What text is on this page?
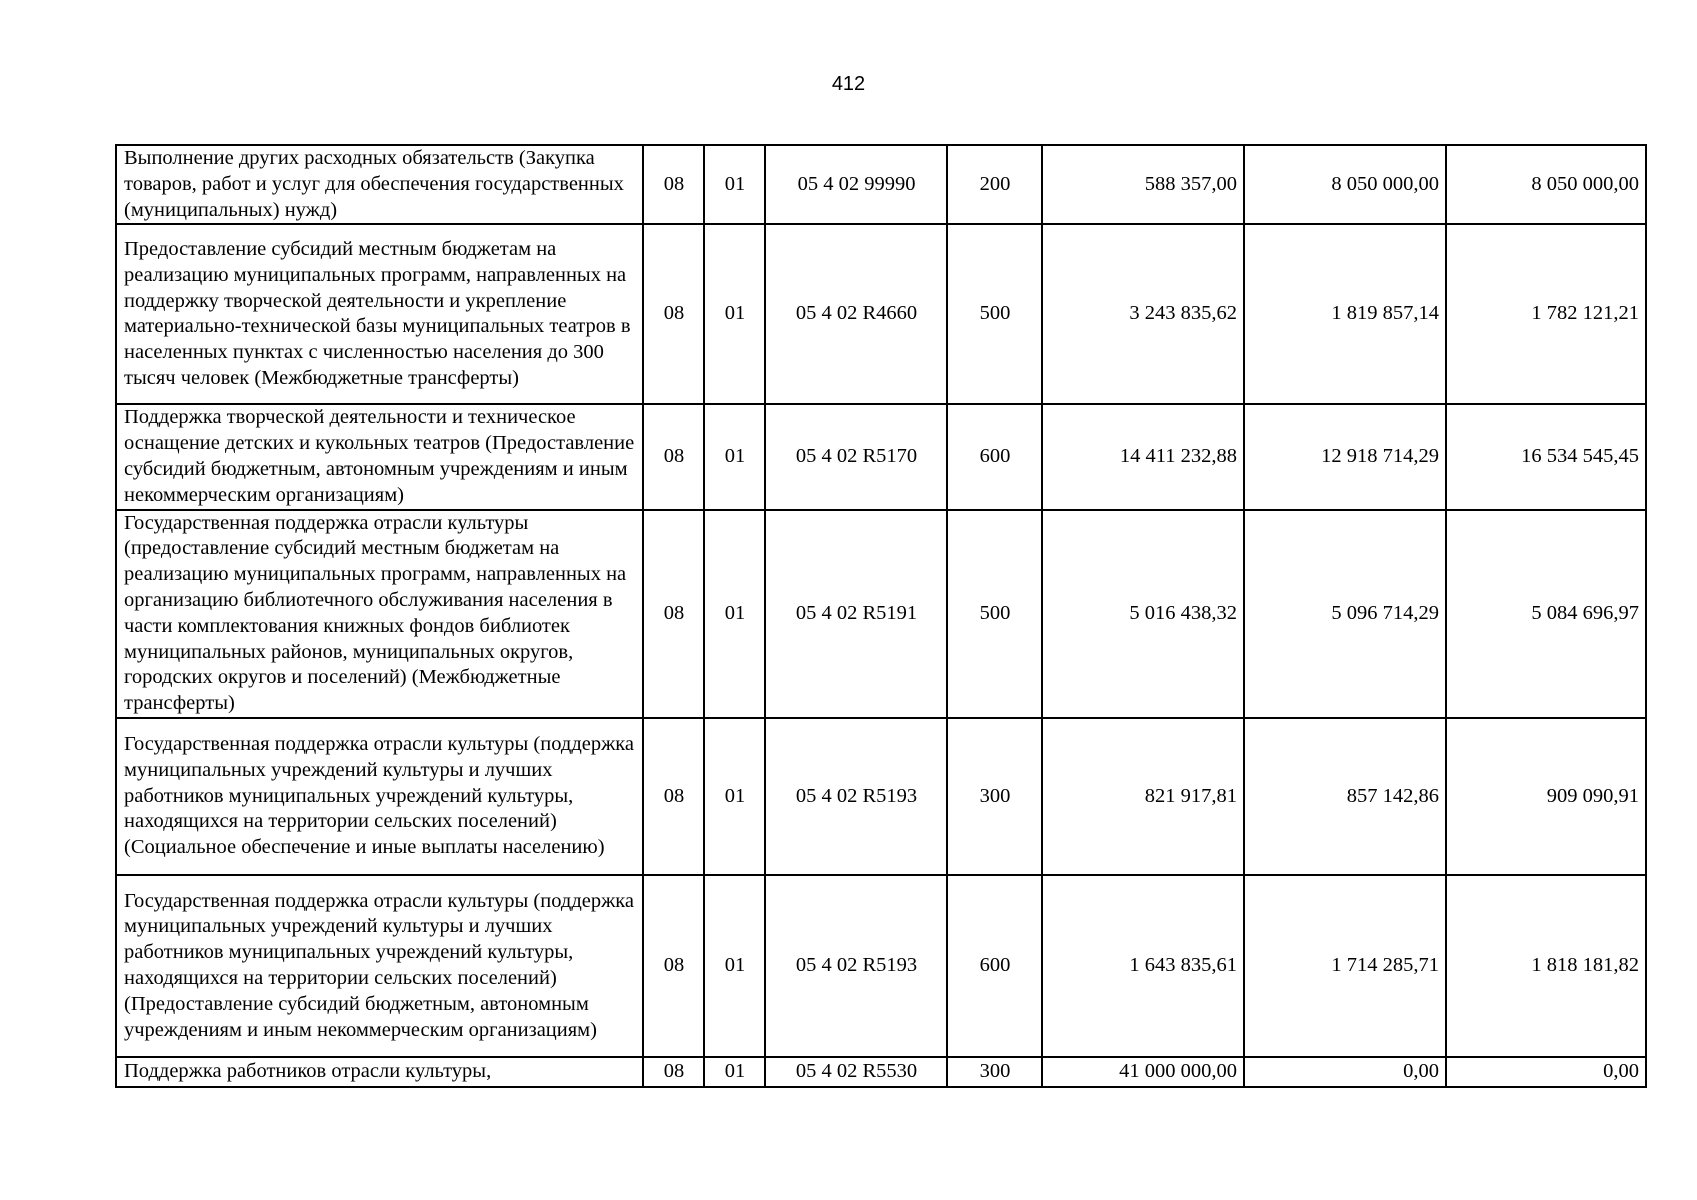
412
Выполнение других расходных обязательств (Закупка товаров, работ и услуг для обеспечения государственных (муниципальных) нужд)	08	01	05 4 02 99990	200	588 357,00	8 050 000,00	8 050 000,00
Предоставление субсидий местным бюджетам на реализацию муниципальных программ, направленных на поддержку творческой деятельности и укрепление материально-технической базы муниципальных театров в населенных пунктах с численностью населения до 300 тысяч человек (Межбюджетные трансферты)	08	01	05 4 02 R4660	500	3 243 835,62	1 819 857,14	1 782 121,21
Поддержка творческой деятельности и техническое оснащение детских и кукольных театров (Предоставление субсидий бюджетным, автономным учреждениям и иным некоммерческим организациям)	08	01	05 4 02 R5170	600	14 411 232,88	12 918 714,29	16 534 545,45
Государственная поддержка отрасли культуры (предоставление субсидий местным бюджетам на реализацию муниципальных программ, направленных на организацию библиотечного обслуживания населения в части комплектования книжных фондов библиотек муниципальных районов, муниципальных округов, городских округов и поселений) (Межбюджетные трансферты)	08	01	05 4 02 R5191	500	5 016 438,32	5 096 714,29	5 084 696,97
Государственная поддержка отрасли культуры (поддержка муниципальных учреждений культуры и лучших работников муниципальных учреждений культуры, находящихся на территории сельских поселений) (Социальное обеспечение и иные выплаты населению)	08	01	05 4 02 R5193	300	821 917,81	857 142,86	909 090,91
Государственная поддержка отрасли культуры (поддержка муниципальных учреждений культуры и лучших работников муниципальных учреждений культуры, находящихся на территории сельских поселений) (Предоставление субсидий бюджетным, автономным учреждениям и иным некоммерческим организациям)	08	01	05 4 02 R5193	600	1 643 835,61	1 714 285,71	1 818 181,82
Поддержка работников отрасли культуры,	08	01	05 4 02 R5530	300	41 000 000,00	0,00	0,00
